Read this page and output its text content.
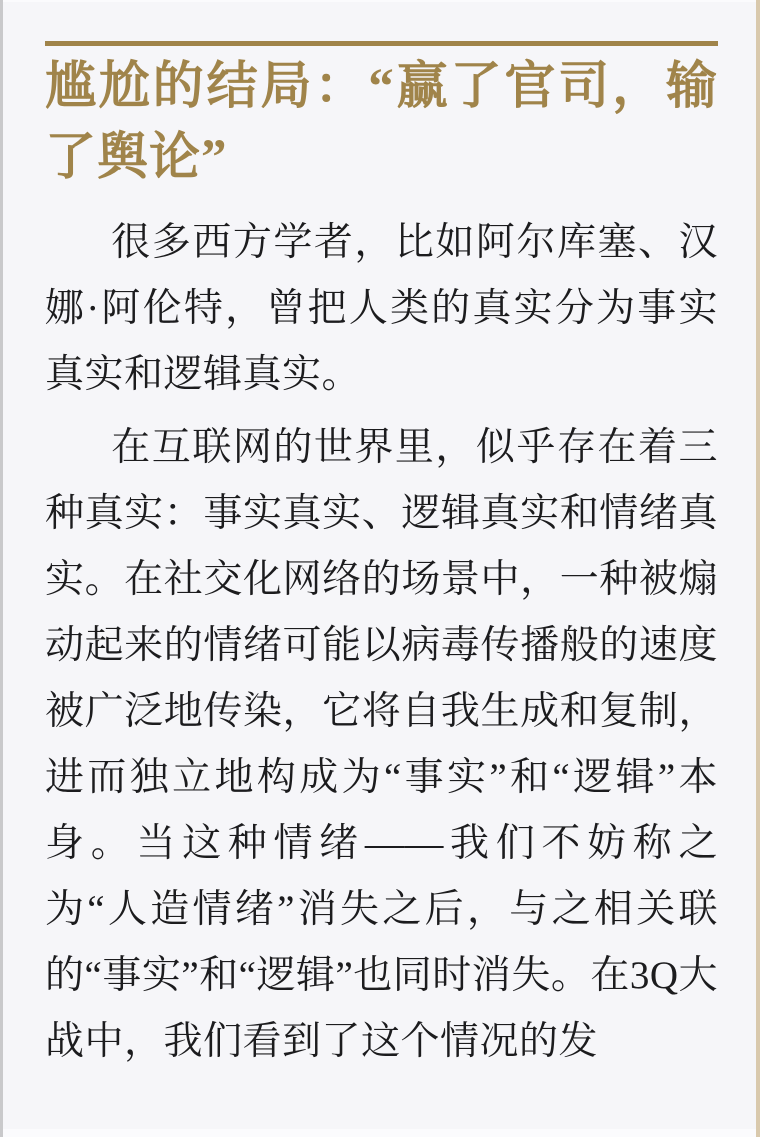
尴尬的结局：“赢了官司，输了舆论”

很多西方学者，比如阿尔库塞、汉娜·阿伦特，曾把人类的真实分为事实真实和逻辑真实。

在互联网的世界里，似乎存在着三种真实：事实真实、逻辑真实和情绪真实。在社交化网络的场景中，一种被煽动起来的情绪可能以病毒传播般的速度被广泛地传染，它将自我生成和复制，进而独立地构成为“事实”和“逻辑”本身。当这种情绪——我们不妨称之为“人造情绪”消失之后，与之相关联的“事实”和“逻辑”也同时消失。在3Q大战中，我们看到了这个情况的发
